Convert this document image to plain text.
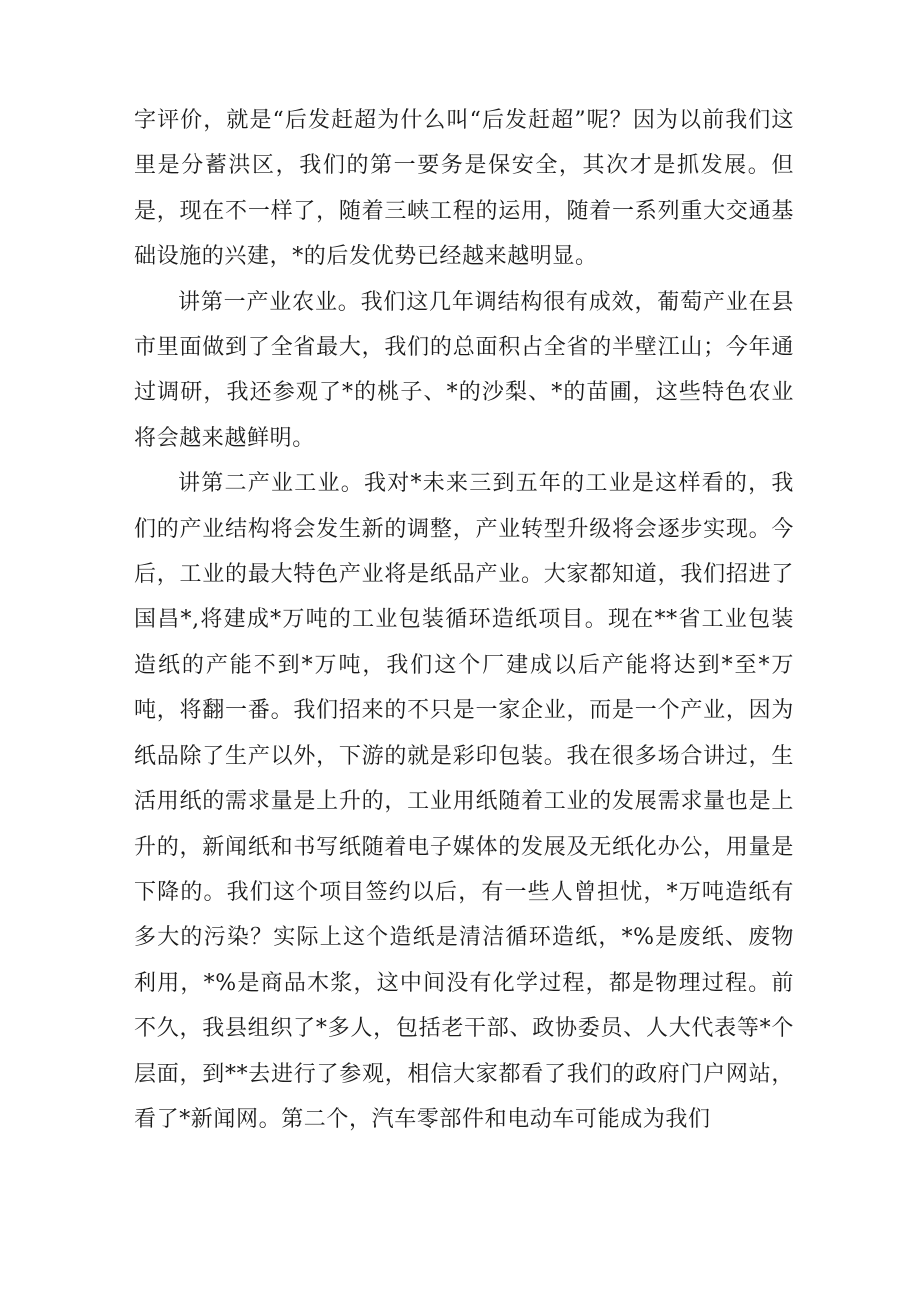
字评价，就是“后发赶超为什么叫“后发赶超”呢？因为以前我们这里是分蓄洪区，我们的第一要务是保安全，其次才是抓发展。但是，现在不一样了，随着三峡工程的运用，随着一系列重大交通基础设施的兴建，*的后发优势已经越来越明显。

讲第一产业农业。我们这几年调结构很有成效，葡萄产业在县市里面做到了全省最大，我们的总面积占全省的半壁江山；今年通过调研，我还参观了*的桃子、*的沙梨、*的苗圃，这些特色农业将会越来越鲜明。

讲第二产业工业。我对*未来三到五年的工业是这样看的，我们的产业结构将会发生新的调整，产业转型升级将会逐步实现。今后，工业的最大特色产业将是纸品产业。大家都知道，我们招进了国昌*,将建成*万吨的工业包装循环造纸项目。现在**省工业包装造纸的产能不到*万吨，我们这个厂建成以后产能将达到*至*万吨，将翻一番。我们招来的不只是一家企业，而是一个产业，因为纸品除了生产以外，下游的就是彩印包装。我在很多场合讲过，生活用纸的需求量是上升的，工业用纸随着工业的发展需求量也是上升的，新闻纸和书写纸随着电子媒体的发展及无纸化办公，用量是下降的。我们这个项目签约以后，有一些人曾担忧，*万吨造纸有多大的污染？实际上这个造纸是清洁循环造纸，*%是废纸、废物利用，*%是商品木浆，这中间没有化学过程，都是物理过程。前不久，我县组织了*多人，包括老干部、政协委员、人大代表等*个层面，到**去进行了参观，相信大家都看了我们的政府门户网站，看了*新闻网。第二个，汽车零部件和电动车可能成为我们
